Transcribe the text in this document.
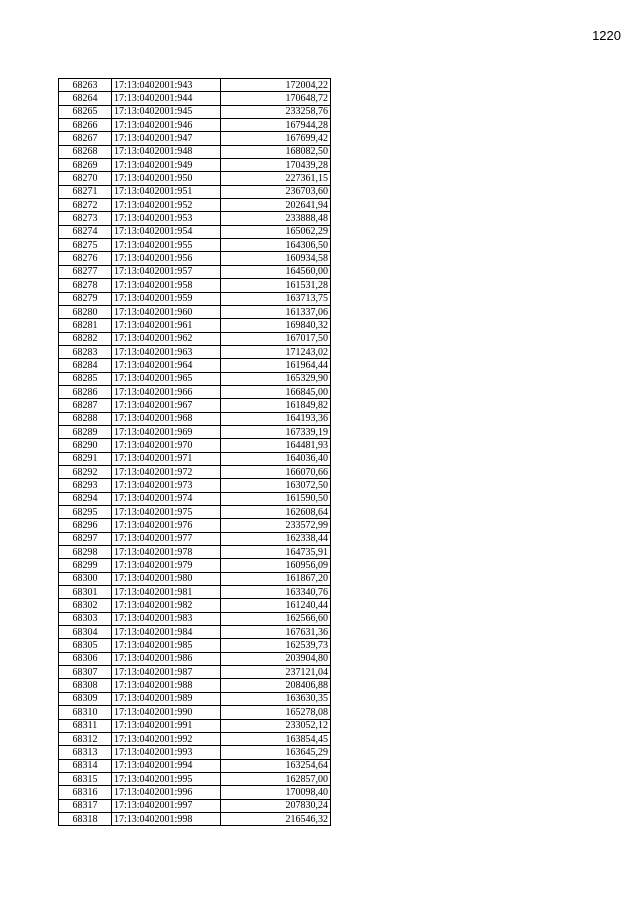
1220
68263	17:13:0402001:943	172004,22
68264	17:13:0402001:944	170648,72
68265	17:13:0402001:945	233258,76
68266	17:13:0402001:946	167944,28
68267	17:13:0402001:947	167699,42
68268	17:13:0402001:948	168082,50
68269	17:13:0402001:949	170439,28
68270	17:13:0402001:950	227361,15
68271	17:13:0402001:951	236703,60
68272	17:13:0402001:952	202641,94
68273	17:13:0402001:953	233888,48
68274	17:13:0402001:954	165062,29
68275	17:13:0402001:955	164306,50
68276	17:13:0402001:956	160934,58
68277	17:13:0402001:957	164560,00
68278	17:13:0402001:958	161531,28
68279	17:13:0402001:959	163713,75
68280	17:13:0402001:960	161337,06
68281	17:13:0402001:961	169840,32
68282	17:13:0402001:962	167017,50
68283	17:13:0402001:963	171243,02
68284	17:13:0402001:964	161964,44
68285	17:13:0402001:965	165329,90
68286	17:13:0402001:966	166845,00
68287	17:13:0402001:967	161849,82
68288	17:13:0402001:968	164193,36
68289	17:13:0402001:969	167339,19
68290	17:13:0402001:970	164481,93
68291	17:13:0402001:971	164036,40
68292	17:13:0402001:972	166070,66
68293	17:13:0402001:973	163072,50
68294	17:13:0402001:974	161590,50
68295	17:13:0402001:975	162608,64
68296	17:13:0402001:976	233572,99
68297	17:13:0402001:977	162338,44
68298	17:13:0402001:978	164735,91
68299	17:13:0402001:979	160956,09
68300	17:13:0402001:980	161867,20
68301	17:13:0402001:981	163340,76
68302	17:13:0402001:982	161240,44
68303	17:13:0402001:983	162566,60
68304	17:13:0402001:984	167631,36
68305	17:13:0402001:985	162539,73
68306	17:13:0402001:986	203904,80
68307	17:13:0402001:987	237121,04
68308	17:13:0402001:988	208406,88
68309	17:13:0402001:989	163630,35
68310	17:13:0402001:990	165278,08
68311	17:13:0402001:991	233052,12
68312	17:13:0402001:992	163854,45
68313	17:13:0402001:993	163645,29
68314	17:13:0402001:994	163254,64
68315	17:13:0402001:995	162857,00
68316	17:13:0402001:996	170098,40
68317	17:13:0402001:997	207830,24
68318	17:13:0402001:998	216546,32
